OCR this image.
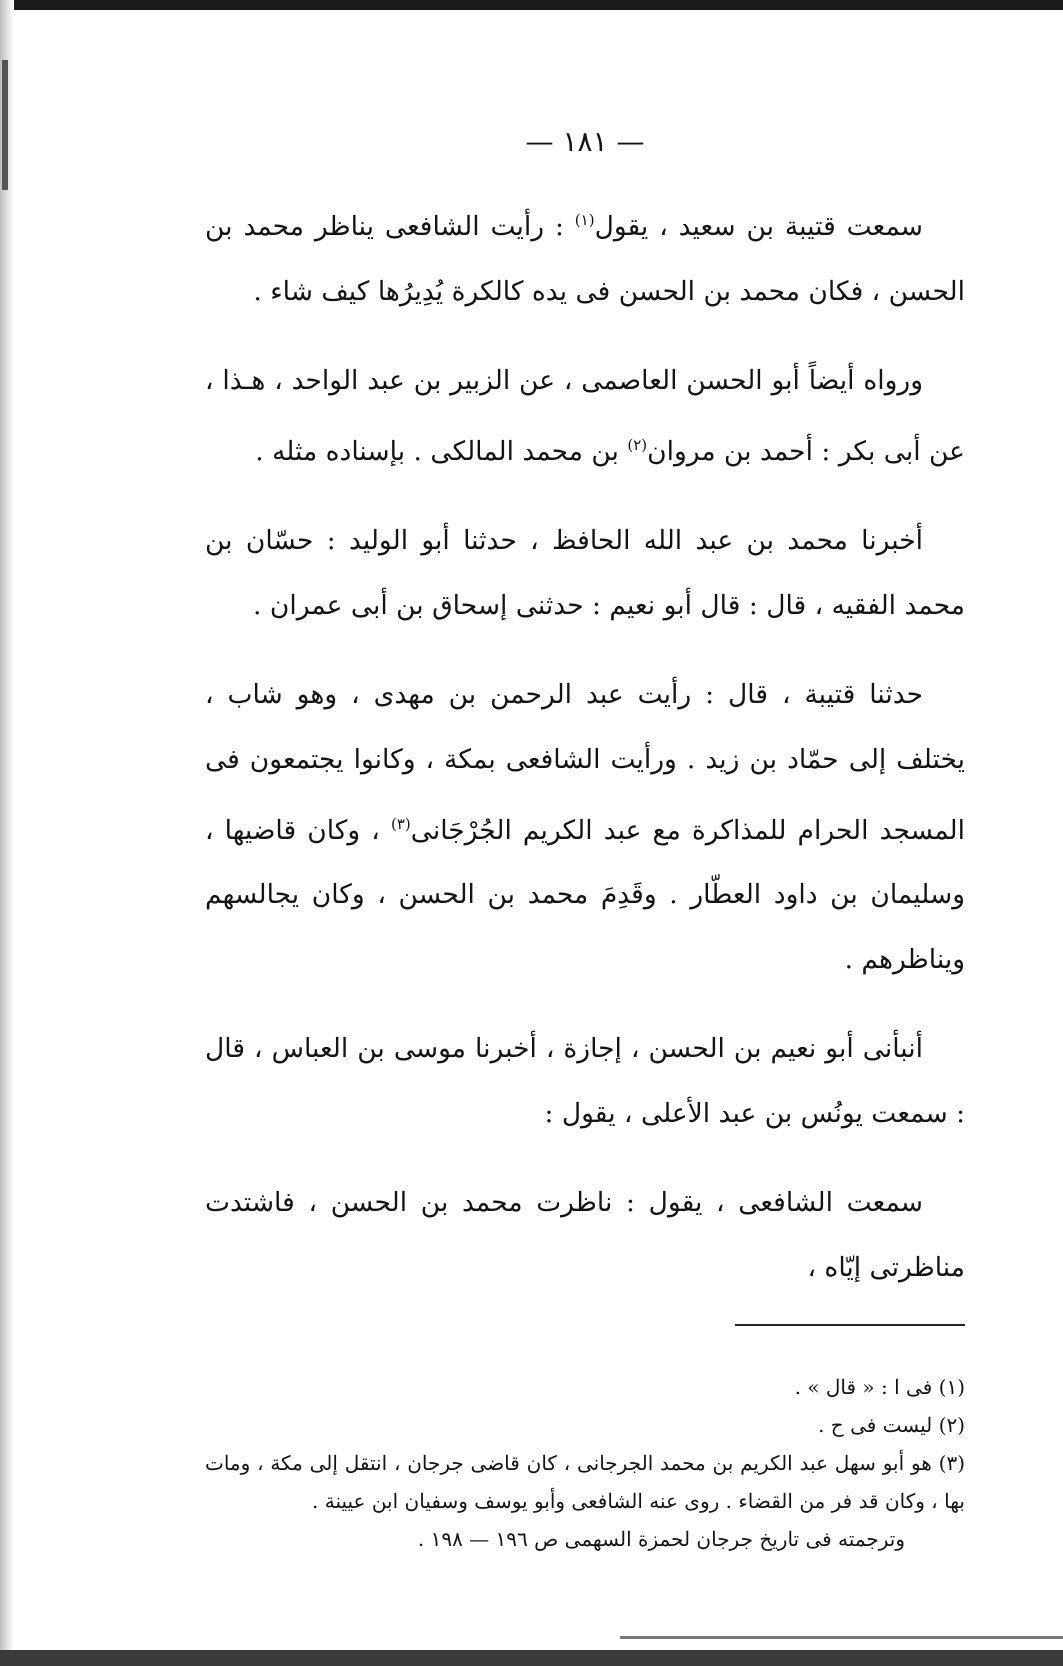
— ١٨١ —

سمعت قتيبة بن سعيد ، يقول$^{(١)}$ : رأيت الشافعى يناظر محمد بن الحسن ، فكان محمد بن الحسن فى يده كالكرة يُدِيرُها كيف شاء .

وروا‌ه أيضاً أبو الحسن العاصمى ، عن الزبير بن عبد الواحد ، هـذا ، عن أبى بكر : أحمد بن مروان$^{(٢)}$ بن محمد المالكى . بإسناده مثله .

أخبرنا محمد بن عبد الله الحافظ ، حدثنا أبو الوليد : حسّان بن محمد الفقيه ، قال : قال أبو نعيم : حدثنى إسحاق بن أبى عمران .

حدثنا قتيبة ، قال : رأيت عبد الرحمن بن مهدى ، وهو شاب ، يختلف إلى حمّاد بن زيد . ورأيت الشافعى بمكة ، وكانوا يجتمعون فى المسجد الحرام للمذاكرة مع عبد الكريم الجُرْجَانى$^{(٣)}$ ، وكان قاضيها ، وسليمان بن داود العطّار . وقَدِمَ محمد بن الحسن ، وكان يجالسهم ويناظرهم .

أنبأنى أبو نعيم بن الحسن ، إجازة ، أخبرنا موسى بن العباس ، قال : سمعت يونُس بن عبد الأعلى ، يقول :

سمعت الشافعى ، يقول : ناظرت محمد بن الحسن ، فاشتدت مناظرتى إيّاه ،

(١) فى ا : « قال » .

(٢) ليست فى ح .

(٣) هو أبو سهل عبد الكريم بن محمد الجرجانى ، كان قاضى جرجان ، انتقل إلى مكة ، ومات بها ، وكان قد فر من القضاء . روى عنه الشافعى وأبو يوسف وسفيان ابن عيينة .

وترجمته فى تاريخ جرجان لحمزة السهمى ص ١٩٦ — ١٩٨ .
